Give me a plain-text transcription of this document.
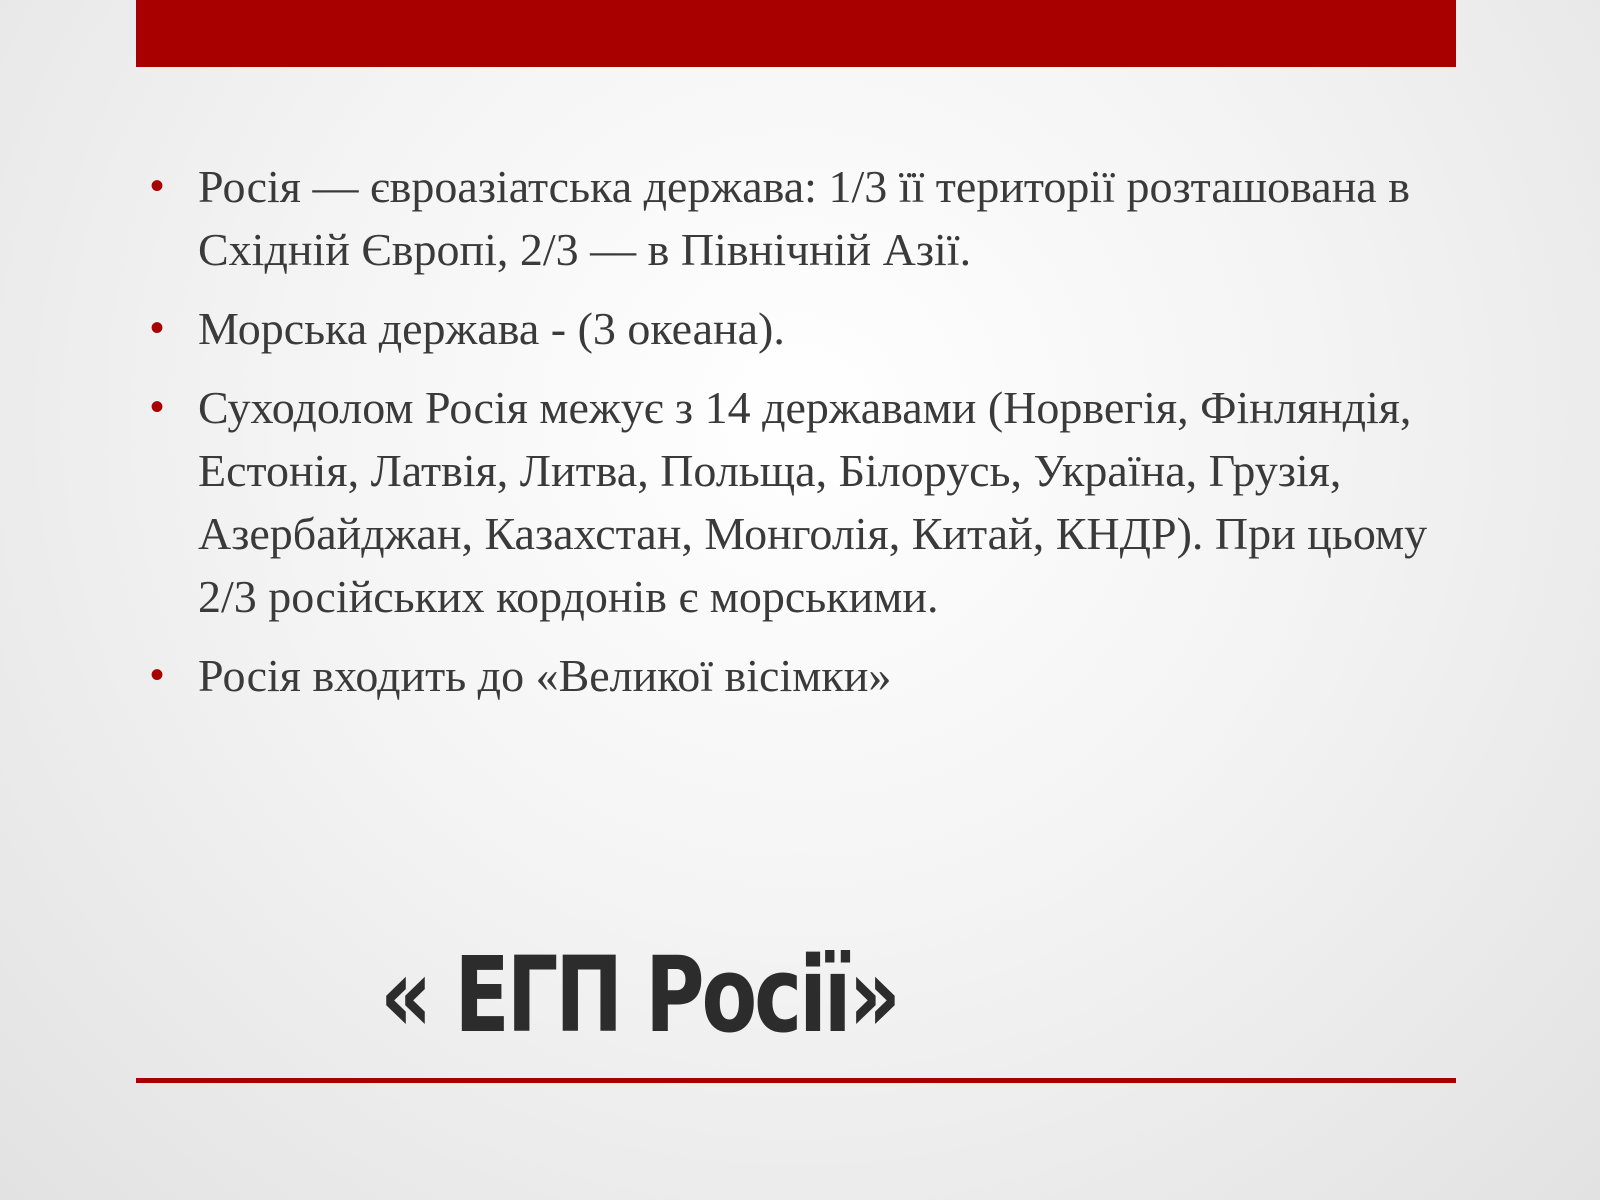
• Росія — євроазіатська держава: 1/3 її території розташована в Східній Європі, 2/3 — в Північній Азії.
• Морська держава - (3 океана).
• Суходолом Росія межує з 14 державами (Норвегія, Фінляндія, Естонія, Латвія, Литва, Польща, Білорусь, Україна, Грузія, Азербайджан, Казахстан, Монголія, Китай, КНДР). При цьому 2/3 російських кордонів є морськими.
• Росія входить до «Великої вісімки»
« ЕГП Росії»
